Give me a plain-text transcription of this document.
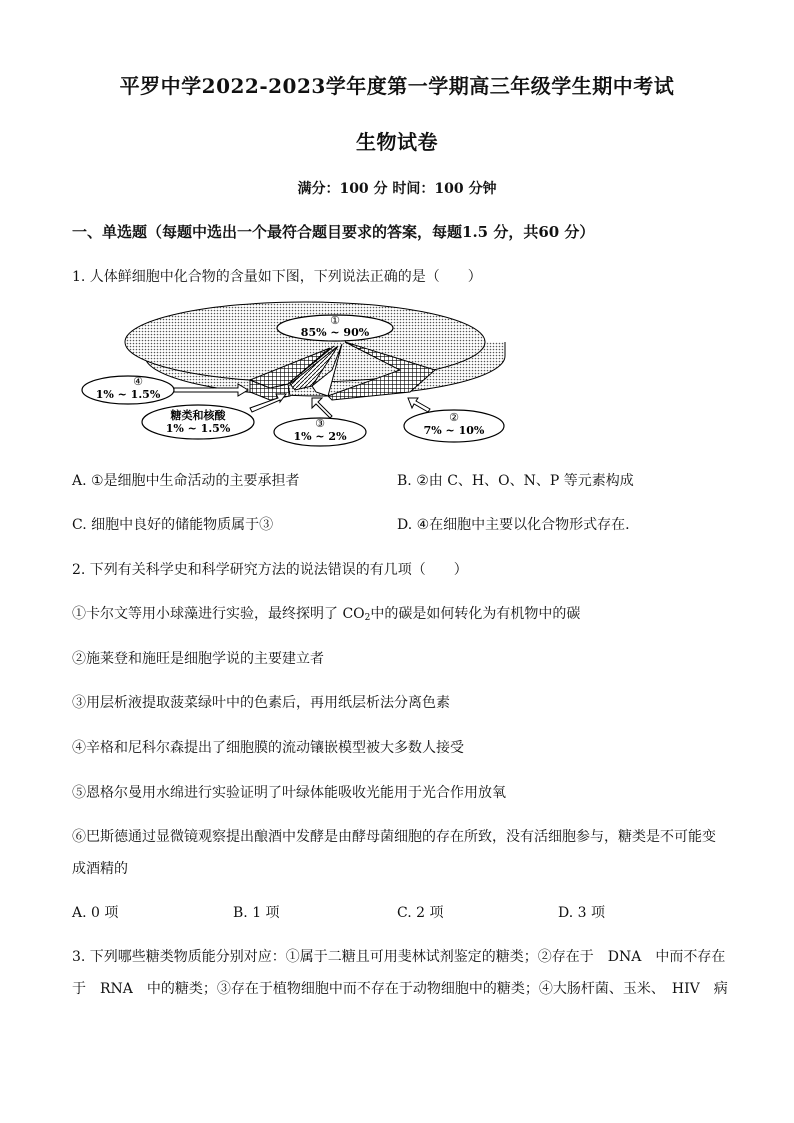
平罗中学2022-2023学年度第一学期高三年级学生期中考试
生物试卷
满分：100 分 时间：100 分钟
一、单选题（每题中选出一个最符合题目要求的答案，每题1.5 分，共60 分）
1. 人体鲜细胞中化合物的含量如下图，下列说法正确的是（　　）
①
85% ~ 90%
④
1% ~ 1.5%
糖类和核酸
1% ~ 1.5%	③
1% ~ 2%
②
7% ~ 10%
A. ①是细胞中生命活动的主要承担者	B. ②由 C、H、O、N、P 等元素构成
C. 细胞中良好的储能物质属于③	D. ④在细胞中主要以化合物形式存在.
2. 下列有关科学史和科学研究方法的说法错误的有几项（　　）
①卡尔文等用小球藻进行实验，最终探明了 $CO_2$中的碳是如何转化为有机物中的碳
②施莱登和施旺是细胞学说的主要建立者
③用层析液提取菠菜绿叶中的色素后，再用纸层析法分离色素
④辛格和尼科尔森提出了细胞膜的流动镶嵌模型被大多数人接受
⑤恩格尔曼用水绵进行实验证明了叶绿体能吸收光能用于光合作用放氧
⑥巴斯德通过显微镜观察提出酿酒中发酵是由酵母菌细胞的存在所致，没有活细胞参与，糖类是不可能变
成酒精的
A. 0 项	B. 1 项	C. 2 项	D. 3 项
3. 下列哪些糖类物质能分别对应：①属于二糖且可用斐林试剂鉴定的糖类；②存在于　DNA　中而不存在
于　RNA　中的糖类；③存在于植物细胞中而不存在于动物细胞中的糖类；④大肠杆菌、玉米、　HIV　病
